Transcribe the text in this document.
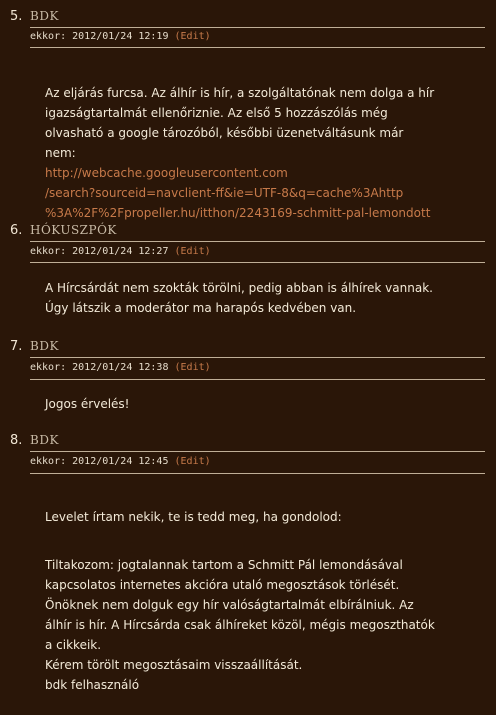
5. BDK
ekkor: 2012/01/24 12:19 (Edit)

Az eljárás furcsa. Az álhír is hír, a szolgáltatónak nem dolga a hír
igazságtartalmát ellenőriznie. Az első 5 hozzászólás még
olvasható a google tározóból, későbbi üzenetváltásunk már
nem:
http://webcache.googleusercontent.com
/search?sourceid=navclient-ff&ie=UTF-8&q=cache%3Ahttp
%3A%2F%2Fpropeller.hu/itthon/2243169-schmitt-pal-lemondott

6. HÓKUSZPÓK
ekkor: 2012/01/24 12:27 (Edit)
A Hírcsárdát nem szokták törölni, pedig abban is álhírek vannak.
Úgy látszik a moderátor ma harapós kedvében van.
7. BDK
ekkor: 2012/01/24 12:38 (Edit)
Jogos érvelés!
8. BDK
ekkor: 2012/01/24 12:45 (Edit)

Levelet írtam nekik, te is tedd meg, ha gondolod:

Tiltakozom: jogtalannak tartom a Schmitt Pál lemondásával
kapcsolatos internetes akcióra utaló megosztások törlését.
Önöknek nem dolguk egy hír valóságtartalmát elbírálniuk. Az
álhír is hír. A Hírcsárda csak álhíreket közöl, mégis megoszthatók
a cikkeik.
Kérem törölt megosztásaim visszaállítását.
bdk felhasználó
